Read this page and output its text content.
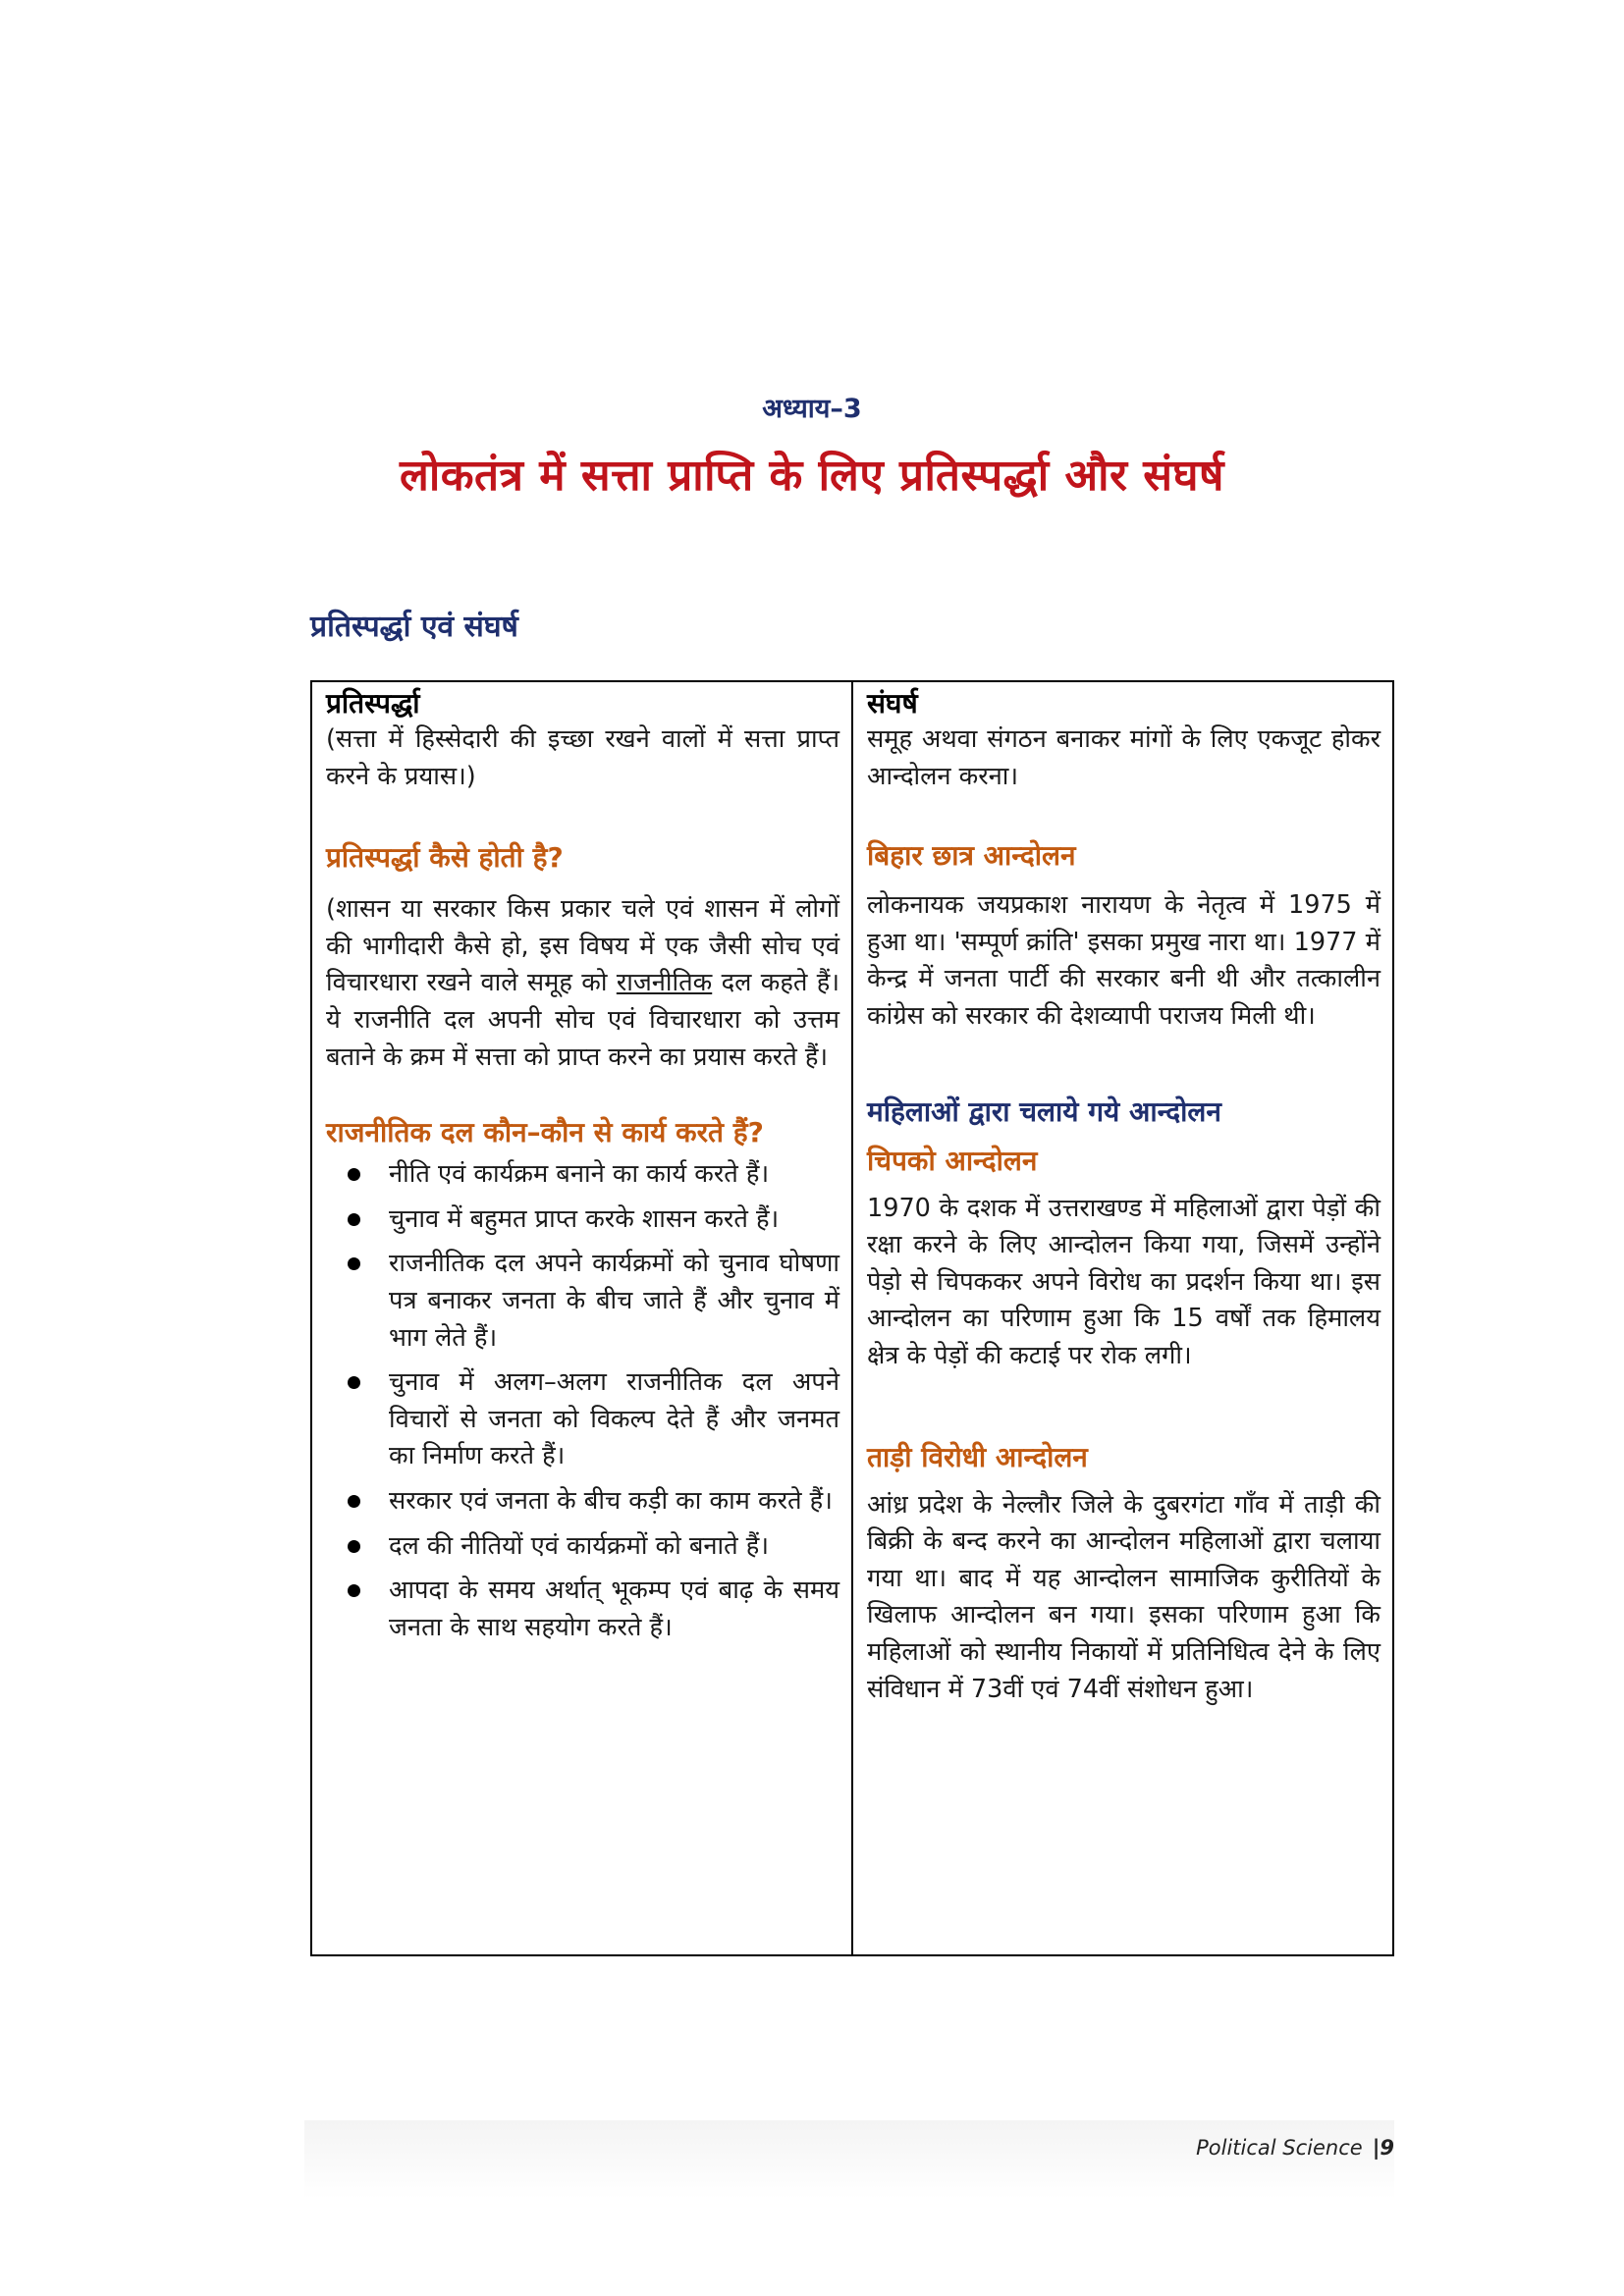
अध्याय–3
लोकतंत्र में सत्ता प्राप्ति के लिए प्रतिस्पर्द्धा और संघर्ष
प्रतिस्पर्द्धा एवं संघर्ष
प्रतिस्पर्द्धा

(सत्ता में हिस्सेदारी की इच्छा रखने वालों में सत्ता प्राप्त करने के प्रयास।)

प्रतिस्पर्द्धा कैसे होती है?

(शासन या सरकार किस प्रकार चले एवं शासन में लोगों की भागीदारी कैसे हो, इस विषय में एक जैसी सोच एवं विचारधारा रखने वाले समूह को राजनीतिक दल कहते हैं। ये राजनीति दल अपनी सोच एवं विचारधारा को उत्तम बताने के क्रम में सत्ता को प्राप्त करने का प्रयास करते हैं।

राजनीतिक दल कौन–कौन से कार्य करते हैं?
नीति एवं कार्यक्रम बनाने का कार्य करते हैं।
चुनाव में बहुमत प्राप्त करके शासन करते हैं।
राजनीतिक दल अपने कार्यक्रमों को चुनाव घोषणा पत्र बनाकर जनता के बीच जाते हैं और चुनाव में भाग लेते हैं।
चुनाव में अलग–अलग राजनीतिक दल अपने विचारों से जनता को विकल्प देते हैं और जनमत का निर्माण करते हैं।
सरकार एवं जनता के बीच कड़ी का काम करते हैं।
दल की नीतियों एवं कार्यक्रमों को बनाते हैं।
आपदा के समय अर्थात् भूकम्प एवं बाढ़ के समय जनता के साथ सहयोग करते हैं।
संघर्ष

समूह अथवा संगठन बनाकर मांगों के लिए एकजूट होकर आन्दोलन करना।

बिहार छात्र आन्दोलन

लोकनायक जयप्रकाश नारायण के नेतृत्व में 1975 में हुआ था। 'सम्पूर्ण क्रांति' इसका प्रमुख नारा था। 1977 में केन्द्र में जनता पार्टी की सरकार बनी थी और तत्कालीन कांग्रेस को सरकार की देशव्यापी पराजय मिली थी।

महिलाओं द्वारा चलाये गये आन्दोलन
चिपको आन्दोलन

1970 के दशक में उत्तराखण्ड में महिलाओं द्वारा पेड़ों की रक्षा करने के लिए आन्दोलन किया गया, जिसमें उन्होंने पेड़ो से चिपककर अपने विरोध का प्रदर्शन किया था। इस आन्दोलन का परिणाम हुआ कि 15 वर्षों तक हिमालय क्षेत्र के पेड़ों की कटाई पर रोक लगी।

ताड़ी विरोधी आन्दोलन

आंध्र प्रदेश के नेल्लौर जिले के दुबरगंटा गॉंव में ताड़ी की बिक्री के बन्द करने का आन्दोलन महिलाओं द्वारा चलाया गया था। बाद में यह आन्दोलन सामाजिक कुरीतियों के खिलाफ आन्दोलन बन गया। इसका परिणाम हुआ कि महिलाओं को स्थानीय निकायों में प्रतिनिधित्व देने के लिए संविधान में 73वीं एवं 74वीं संशोधन हुआ।

Political Science |9
